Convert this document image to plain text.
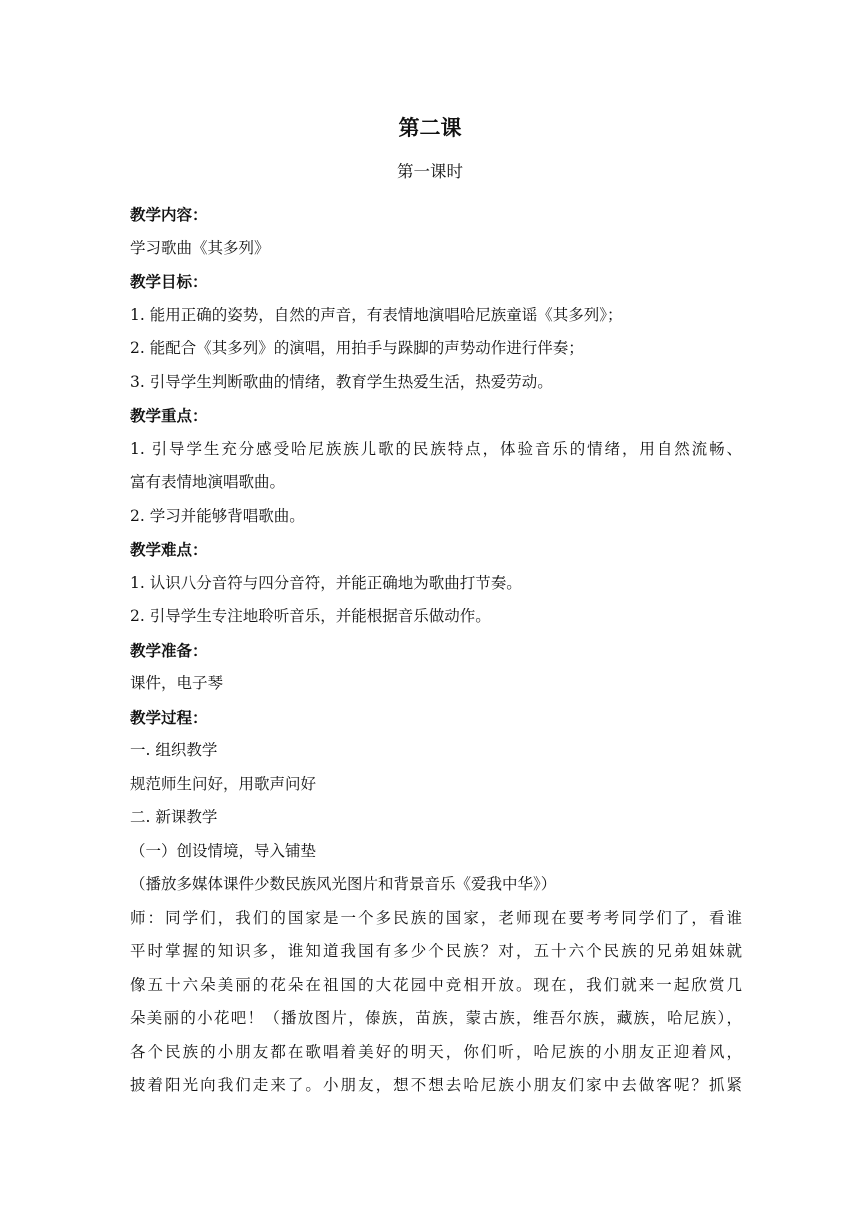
第二课
第一课时
教学内容：
学习歌曲《其多列》
教学目标：
1. 能用正确的姿势，自然的声音，有表情地演唱哈尼族童谣《其多列》；
2. 能配合《其多列》的演唱，用拍手与跺脚的声势动作进行伴奏；
3. 引导学生判断歌曲的情绪，教育学生热爱生活，热爱劳动。
教学重点：
1. 引导学生充分感受哈尼族族儿歌的民族特点，体验音乐的情绪，用自然流畅、
富有表情地演唱歌曲。
2. 学习并能够背唱歌曲。
教学难点：
1. 认识八分音符与四分音符，并能正确地为歌曲打节奏。
2. 引导学生专注地聆听音乐，并能根据音乐做动作。
教学准备：
课件，电子琴
教学过程：
一. 组织教学
规范师生问好，用歌声问好
二. 新课教学
（一）创设情境，导入铺垫
（播放多媒体课件少数民族风光图片和背景音乐《爱我中华》）
师：同学们，我们的国家是一个多民族的国家，老师现在要考考同学们了，看谁
平时掌握的知识多，谁知道我国有多少个民族？对，五十六个民族的兄弟姐妹就
像五十六朵美丽的花朵在祖国的大花园中竞相开放。现在，我们就来一起欣赏几
朵美丽的小花吧！（播放图片，傣族，苗族，蒙古族，维吾尔族，藏族，哈尼族），
各个民族的小朋友都在歌唱着美好的明天，你们听，哈尼族的小朋友正迎着风，
披着阳光向我们走来了。小朋友，想不想去哈尼族小朋友们家中去做客呢？抓紧
